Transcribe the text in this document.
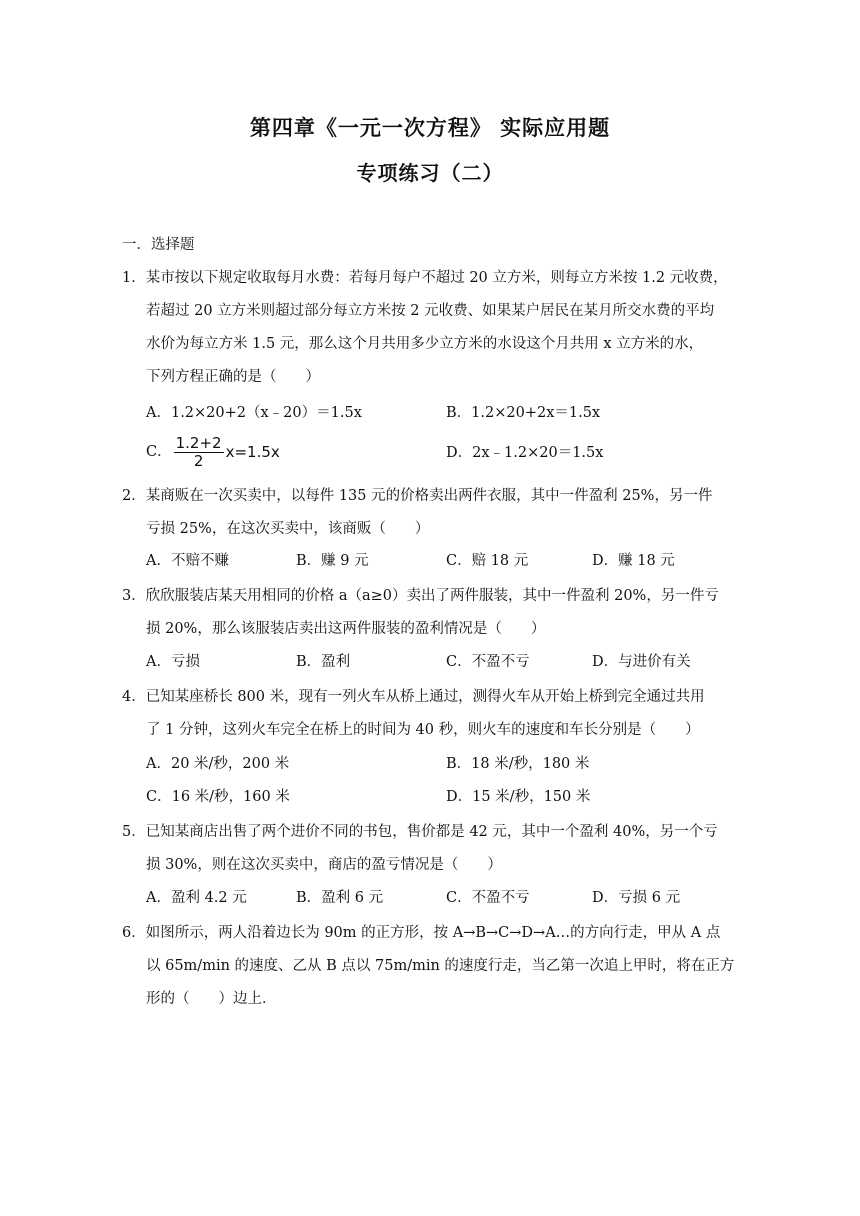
第四章《一元一次方程》 实际应用题
专项练习（二）
一．选择题
1．某市按以下规定收取每月水费：若每月每户不超过 20 立方米，则每立方米按 1.2 元收费，
若超过 20 立方米则超过部分每立方米按 2 元收费、如果某户居民在某月所交水费的平均
水价为每立方米 1.5 元，那么这个月共用多少立方米的水设这个月共用 x 立方米的水，
下列方程正确的是（　　）
A．1.2×20+2（x﹣20）＝1.5x	B．1.2×20+2x＝1.5x
C． $\frac{1.2+2}{2} x=1.5x$	D．2x﹣1.2×20＝1.5x
2．某商贩在一次买卖中，以每件 135 元的价格卖出两件衣服，其中一件盈利 25%，另一件
亏损 25%，在这次买卖中，该商贩（　　）
A．不赔不赚	B．赚 9 元	C．赔 18 元	D．赚 18 元
3．欣欣服装店某天用相同的价格 a（a≥0）卖出了两件服装，其中一件盈利 20%，另一件亏
损 20%，那么该服装店卖出这两件服装的盈利情况是（　　）
A．亏损	B．盈利	C．不盈不亏	D．与进价有关
4．已知某座桥长 800 米，现有一列火车从桥上通过，测得火车从开始上桥到完全通过共用
了 1 分钟，这列火车完全在桥上的时间为 40 秒，则火车的速度和车长分别是（　　）
A．20 米/秒，200 米	B．18 米/秒，180 米
C．16 米/秒，160 米	D．15 米/秒，150 米
5．已知某商店出售了两个进价不同的书包，售价都是 42 元，其中一个盈利 40%，另一个亏
损 30%，则在这次买卖中，商店的盈亏情况是（　　）
A．盈利 4.2 元	B．盈利 6 元	C．不盈不亏	D．亏损 6 元
6．如图所示，两人沿着边长为 90m 的正方形，按 A→B→C→D→A…的方向行走，甲从 A 点
以 65m/min 的速度、乙从 B 点以 75m/min 的速度行走，当乙第一次追上甲时，将在正方
形的（　　）边上．
